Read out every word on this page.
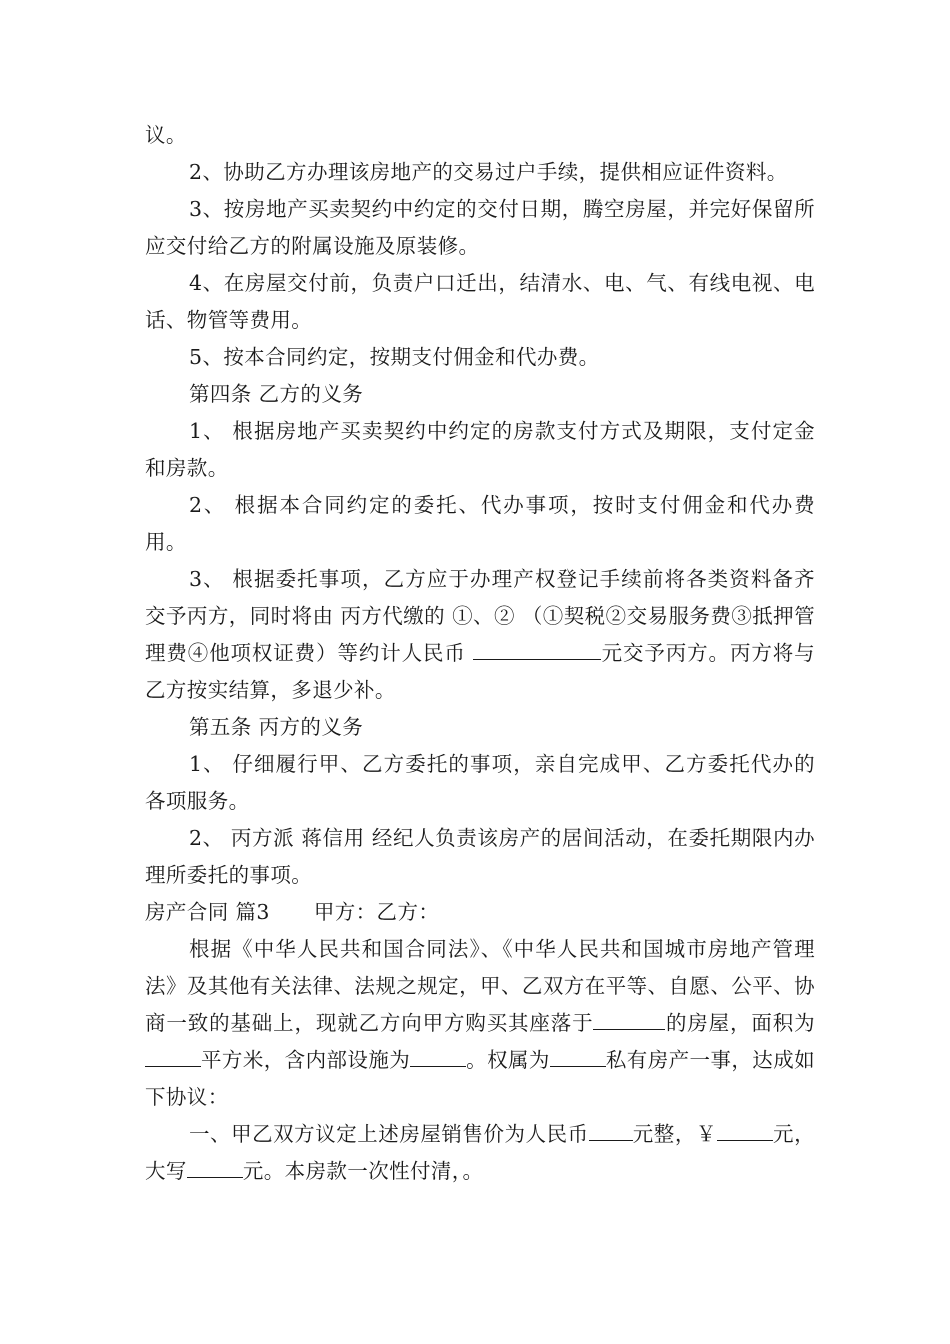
议。

2、协助乙方办理该房地产的交易过户手续，提供相应证件资料。

3、按房地产买卖契约中约定的交付日期，腾空房屋，并完好保留所应交付给乙方的附属设施及原装修。

4、在房屋交付前，负责户口迁出，结清水、电、气、有线电视、电话、物管等费用。

5、按本合同约定，按期支付佣金和代办费。

第四条 乙方的义务

1、 根据房地产买卖契约中约定的房款支付方式及期限，支付定金和房款。

2、 根据本合同约定的委托、代办事项，按时支付佣金和代办费用。

3、 根据委托事项，乙方应于办理产权登记手续前将各类资料备齐交予丙方，同时将由 丙方代缴的 ①、② （①契税②交易服务费③抵押管理费④他项权证费）等约计人民币	元交予丙方。丙方将与乙方按实结算，多退少补。

第五条 丙方的义务

1、 仔细履行甲、乙方委托的事项，亲自完成甲、乙方委托代办的各项服务。

2、 丙方派 蒋信用 经纪人负责该房产的居间活动，在委托期限内办理所委托的事项。

房产合同 篇3 甲方：乙方：

根据《中华人民共和国合同法》、《中华人民共和国城市房地产管理法》及其他有关法律、法规之规定，甲、乙双方在平等、自愿、公平、协商一致的基础上，现就乙方向甲方购买其座落于	的房屋，面积为平方米，含内部设施为	。权属为	私有房产一事，达成如下协议：

一、甲乙双方议定上述房屋销售价为人民币 元整，￥	元，大写	元。本房款一次性付清，。
